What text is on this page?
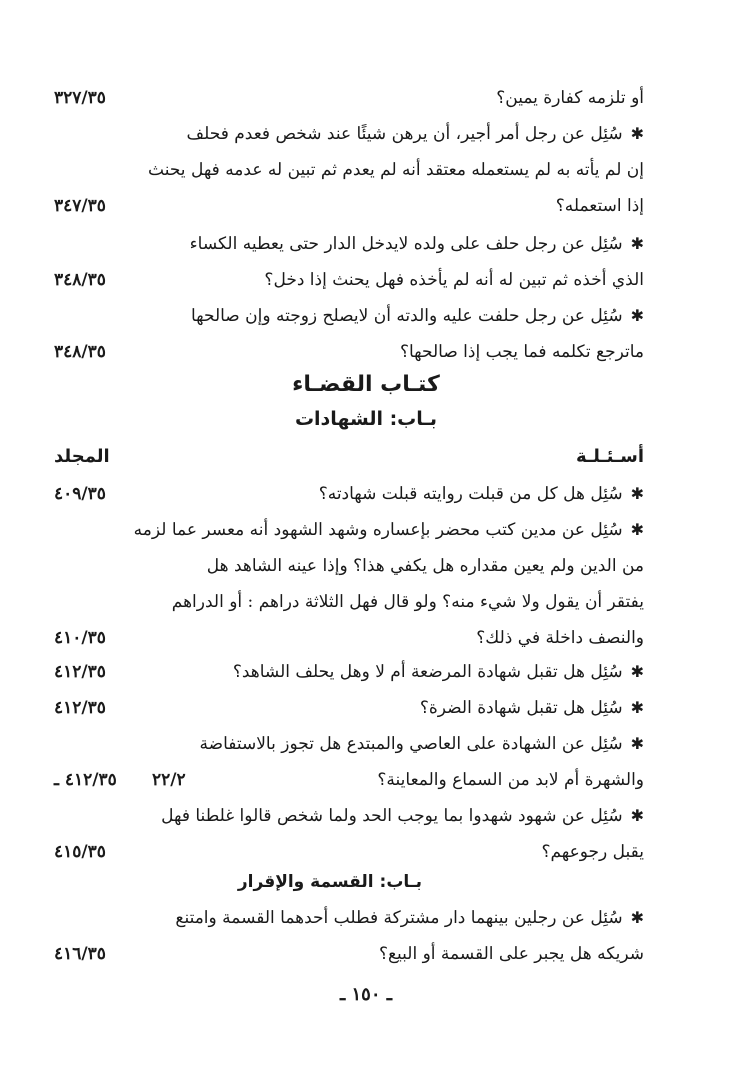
أو تلزمه كفارة يمين؟
٣٢٧/٣٥
✱سُئِل عن رجل أمر أجير، أن يرهن شيئًا عند شخص فعدم فحلف
إن لم يأته به لم يستعمله معتقد أنه لم يعدم ثم تبين له عدمه فهل يحنث
إذا استعمله؟
٣٤٧/٣٥
✱سُئِل عن رجل حلف على ولده لايدخل الدار حتى يعطيه الكساء
الذي أخذه ثم تبين له أنه لم يأخذه فهل يحنث إذا دخل؟
٣٤٨/٣٥
✱سُئِل عن رجل حلفت عليه والدته أن لايصلح زوجته وإن صالحها
ماترجع تكلمه فما يجب إذا صالحها؟
٣٤٨/٣٥
كتـاب القضـاء
بـاب: الشهادات
أسـئـلـة
المجلد
✱سُئِل هل كل من قبلت روايته قبلت شهادته؟
٤٠٩/٣٥
✱سُئِل عن مدين كتب محضر بإعساره وشهد الشهود أنه معسر عما لزمه
من الدين ولم يعين مقداره هل يكفي هذا؟ وإذا عينه الشاهد هل
يفتقر أن يقول ولا شيء منه؟ ولو قال فهل الثلاثة دراهم : أو الدراهم
والنصف داخلة في ذلك؟
٤١٠/٣٥
✱سُئِل هل تقبل شهادة المرضعة أم لا وهل يحلف الشاهد؟
٤١٢/٣٥
✱سُئِل هل تقبل شهادة الضرة؟
٤١٢/٣٥
✱سُئِل عن الشهادة على العاصي والمبتدع هل تجوز بالاستفاضة
والشهرة أم لابد من السماع والمعاينة؟
٢٢/٢
٤١٢/٣٥ ـ
✱سُئِل عن شهود شهدوا بما يوجب الحد ولما شخص قالوا غلطنا فهل
يقبل رجوعهم؟
٤١٥/٣٥
بـاب: القسمة والإقرار
✱سُئِل عن رجلين بينهما دار مشتركة فطلب أحدهما القسمة وامتنع
شريكه هل يجبر على القسمة أو البيع؟
٤١٦/٣٥
ـ ١٥٠ ـ
